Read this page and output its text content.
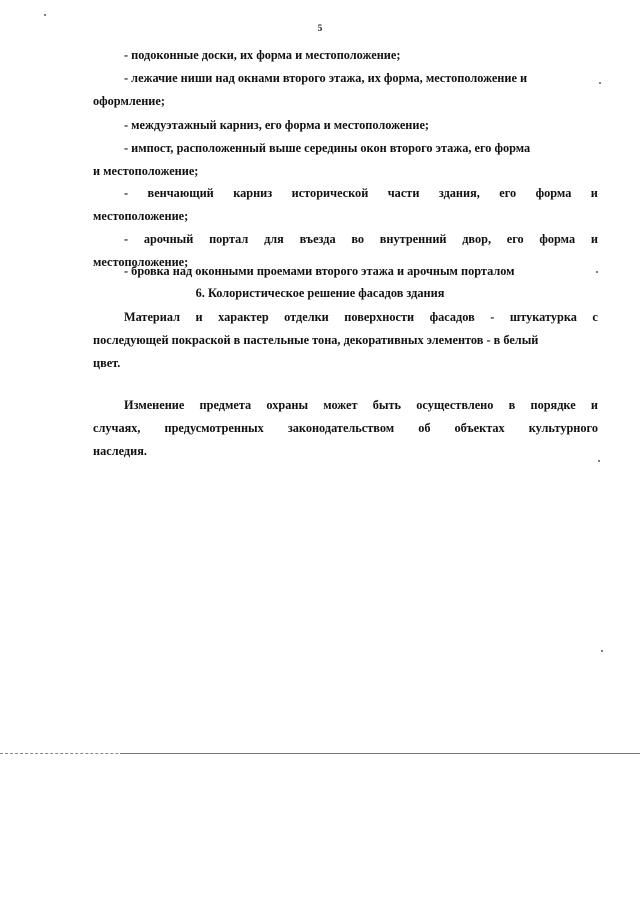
5
- подоконные доски, их форма и местоположение;
- лежачие ниши над окнами второго этажа, их форма, местоположение и
оформление;
- междуэтажный карниз, его форма и местоположение;
- импост, расположенный выше середины окон второго этажа, его форма
и местоположение;
- венчающий карниз исторической части здания, его форма и
местоположение;
- арочный портал для въезда во внутренний двор, его форма и
местоположение;
- бровка над оконными проемами второго этажа и арочным порталом
6. Колористическое решение фасадов здания
Материал и характер отделки поверхности фасадов - штукатурка с
последующей покраской в пастельные тона, декоративных элементов - в белый
цвет.
Изменение предмета охраны может быть осуществлено в порядке и
случаях, предусмотренных законодательством об объектах культурного
наследия.
